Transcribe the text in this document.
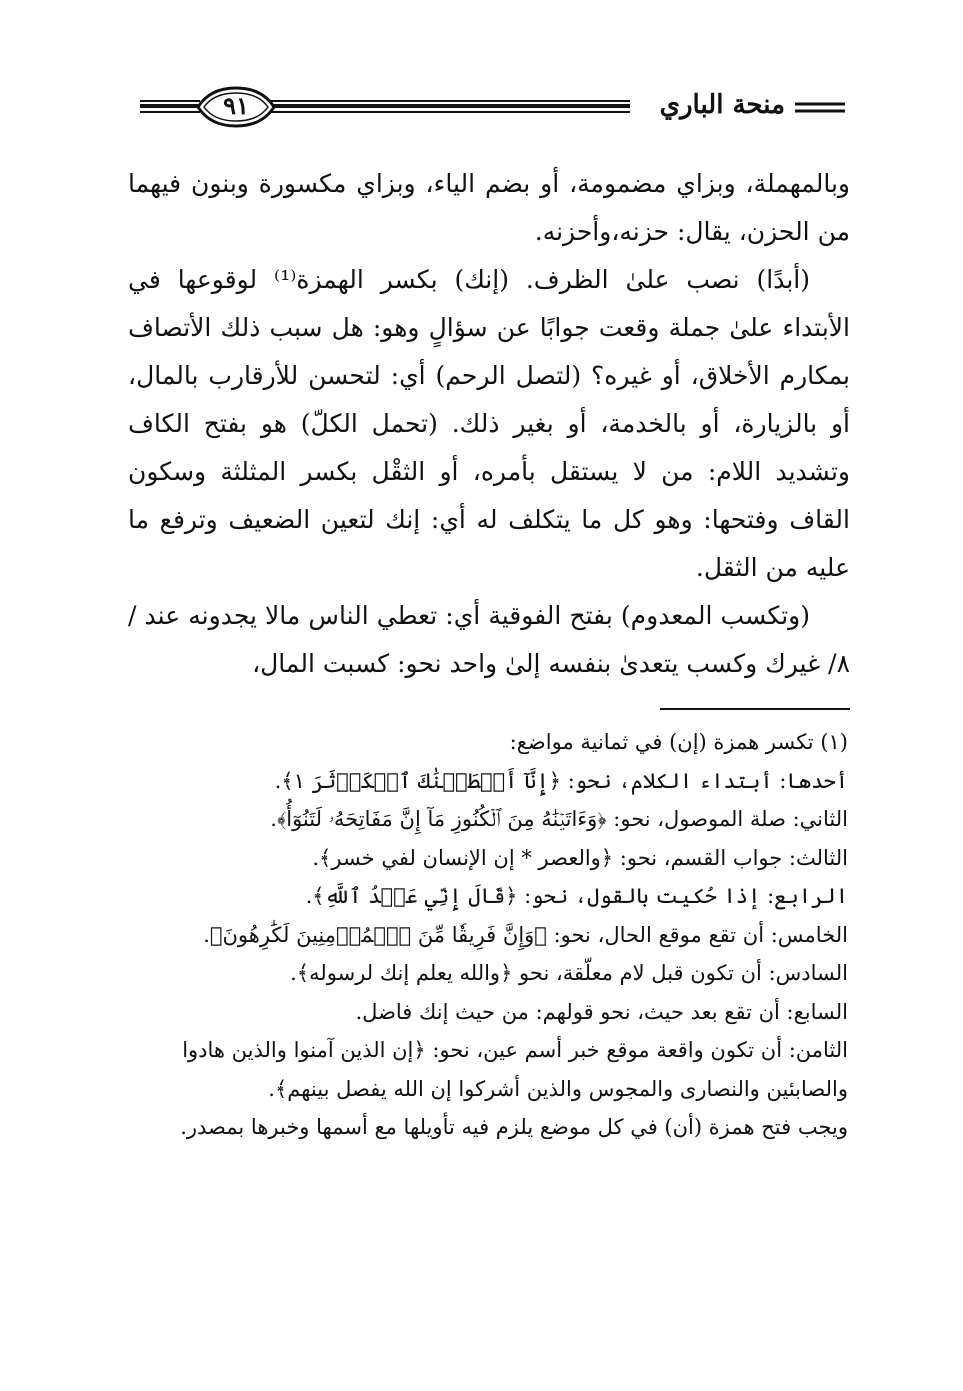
٩١	منحة الباري

وبالمهملة، وبزاي مضمومة، أو بضم الياء، وبزاي مكسورة وبنون فيهما من الحزن، يقال: حزنه،وأحزنه.

(أبدًا) نصب علىٰ الظرف. (إنك) بكسر الهمزة⁽¹⁾ لوقوعها في الأبتداء علىٰ جملة وقعت جوابًا عن سؤالٍ وهو: هل سبب ذلك الأتصاف بمكارم الأخلاق، أو غيره؟ (لتصل الرحم) أي: لتحسن للأرقارب بالمال، أو بالزيارة، أو بالخدمة، أو بغير ذلك. (تحمل الكلّ) هو بفتح الكاف وتشديد اللام: من لا يستقل بأمره، أو الثقْل بكسر المثلثة وسكون القاف وفتحها: وهو كل ما يتكلف له أي: إنك لتعين الضعيف وترفع ما عليه من الثقل.

(وتكسب المعدوم) بفتح الفوقية أي: تعطي الناس مالا يجدونه عند /٨/ غيرك وكسب يتعدىٰ بنفسه إلىٰ واحد نحو: كسبت المال،

(١) تكسر همزة (إن) في ثمانية مواضع:

أحدها: أبتداء الكلام، نحو: ﴿إِنَّآ أَعۡطَيۡنَٰكَ ٱلۡكَوۡثَرَ ١﴾.

الثاني: صلة الموصول، نحو: ﴿وَءَاتَيۡنَٰهُ مِنَ ٱلۡكُنُوزِ مَآ إِنَّ مَفَاتِحَهُۥ لَتَنُوٓأُ﴾.

الثالث: جواب القسم، نحو: ﴿والعصر * إن الإنسان لفي خسر﴾.

الرابع: إذا حُكيت بالقول، نحو: ﴿قَالَ إِنِّي عَبۡدُ ٱللَّهِ﴾.

الخامس: أن تقع موقع الحال، نحو: ﴿وَإِنَّ فَرِيقٗا مِّنَ ٱلۡمُؤۡمِنِينَ لَكَٰرِهُونَ﴾.

السادس: أن تكون قبل لام معلّقة، نحو ﴿والله يعلم إنك لرسوله﴾.

السابع: أن تقع بعد حيث، نحو قولهم: من حيث إنك فاضل.

الثامن: أن تكون واقعة موقع خبر أسم عين، نحو: ﴿إن الذين آمنوا والذين هادوا والصابئين والنصارى والمجوس والذين أشركوا إن الله يفصل بينهم﴾.

ويجب فتح همزة (أن) في كل موضع يلزم فيه تأويلها مع أسمها وخبرها بمصدر.
